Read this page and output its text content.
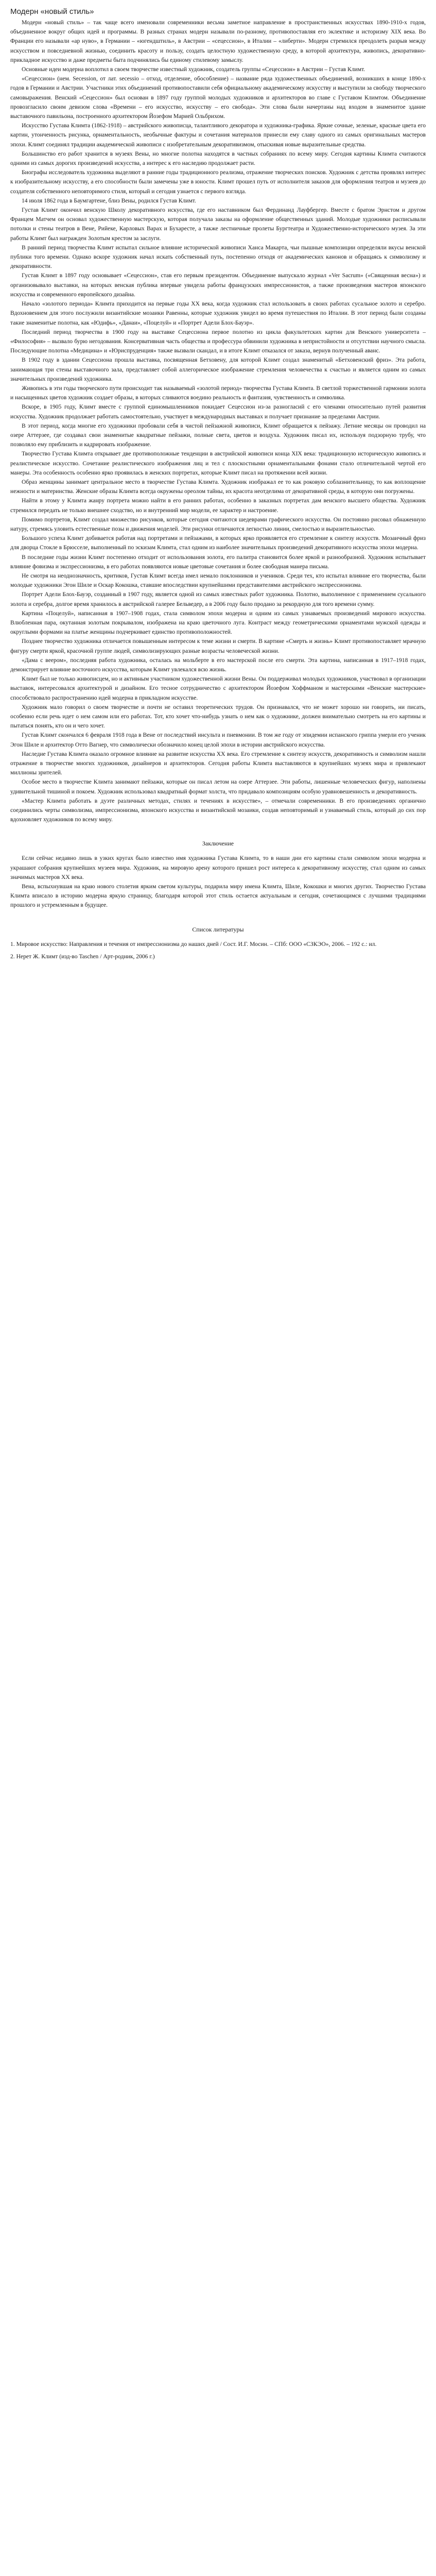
Модерн «новый стиль»

Модерн «новый стиль» – так чаще всего именовали современники весьма заметное направление в пространственных искусствах 1890-1910-х годов, объединенное вокруг общих идей и программы. В разных странах модерн называли по-разному, противопоставляя его эклектике и историзму XIX века. Во Франции его называли «ар нуво», в Германии – «югендштиль», в Австрии – «сецессион», в Италии – «либерти». Модерн стремился преодолеть разрыв между искусством и повседневной жизнью, соединить красоту и пользу, создать целостную художественную среду, в которой архитектура, живопись, декоративно-прикладное искусство и даже предметы быта подчинялись бы единому стилевому замыслу.

Основные идеи модерна воплотил в своем творчестве известный художник, создатель группы «Сецессион» в Австрии – Густав Климт.

«Сецессион» (нем. Secession, от лат. secessio – отход, отделение, обособление) – название ряда художественных объединений, возникших в конце 1890-х годов в Германии и Австрии. Участники этих объединений противопоставили себя официальному академическому искусству и выступили за свободу творческого самовыражения. Венский «Сецессион» был основан в 1897 году группой молодых художников и архитекторов во главе с Густавом Климтом. Объединение провозгласило своим девизом слова «Времени – его искусство, искусству – его свобода». Эти слова были начертаны над входом в знаменитое здание выставочного павильона, построенного архитектором Йозефом Марией Ольбрихом.

Искусство Густава Климта (1862-1918) – австрийского живописца, талантливого декоратора и художника-графика. Яркие сочные, зеленые, красные цвета его картин, утонченность рисунка, орнаментальность, необычные фактуры и сочетания материалов принесли ему славу одного из самых оригинальных мастеров эпохи. Климт соединял традиции академической живописи с изобретательным декоративизмом, отыскивая новые выразительные средства.

Большинство его работ хранится в музеях Вены, но многие полотна находятся в частных собраниях по всему миру. Сегодня картины Климта считаются одними из самых дорогих произведений искусства, а интерес к его наследию продолжает расти.

Биографы исследователь художника выделяют в ранние годы традиционного реализма, отражение творческих поисков. Художник с детства проявлял интерес к изобразительному искусству, а его способности были замечены уже в юности. Климт прошел путь от исполнителя заказов для оформления театров и музеев до создателя собственного неповторимого стиля, который и сегодня узнается с первого взгляда.

14 июля 1862 года в Баумгартене, близ Вены, родился Густав Климт.

Густав Климт окончил венскую Школу декоративного искусства, где его наставником был Фердинанд Лауфбергер. Вместе с братом Эрнстом и другом Францем Матчем он основал художественную мастерскую, которая получала заказы на оформление общественных зданий. Молодые художники расписывали потолки и стены театров в Вене, Рийеке, Карловых Варах и Бухаресте, а также лестничные пролеты Бургтеатра и Художественно-исторического музея. За эти работы Климт был награжден Золотым крестом за заслуги.

В ранний период творчества Климт испытал сильное влияние исторической живописи Ханса Макарта, чьи пышные композиции определяли вкусы венской публики того времени. Однако вскоре художник начал искать собственный путь, постепенно отходя от академических канонов и обращаясь к символизму и декоративности.

Густав Климт в 1897 году основывает «Сецессион», став его первым президентом. Объединение выпускало журнал «Ver Sacrum» («Священная весна») и организовывало выставки, на которых венская публика впервые увидела работы французских импрессионистов, а также произведения мастеров японского искусства и современного европейского дизайна.

Начало «золотого периода» Климта приходится на первые годы XX века, когда художник стал использовать в своих работах сусальное золото и серебро. Вдохновением для этого послужили византийские мозаики Равенны, которые художник увидел во время путешествия по Италии. В этот период были созданы такие знаменитые полотна, как «Юдифь», «Данаи», «Поцелуй» и «Портрет Адели Блох-Бауэр».

Последний период творчества в 1900 году на выставке Сецессиона первое полотно из цикла факультетских картин для Венского университета – «Философия» – вызвало бурю негодования. Консервативная часть общества и профессура обвинили художника в непристойности и отсутствии научного смысла. Последующие полотна «Медицина» и «Юриспруденция» также вызвали скандал, и в итоге Климт отказался от заказа, вернув полученный аванс.

В 1902 году в здании Сецессиона прошла выставка, посвященная Бетховену, для которой Климт создал знаменитый «Бетховенский фриз». Эта работа, занимающая три стены выставочного зала, представляет собой аллегорическое изображение стремления человечества к счастью и является одним из самых значительных произведений художника.

Живопись в эти годы творческого пути происходит так называемый «золотой период» творчества Густава Климта. В светлой торжественной гармонии золота и насыщенных цветов художник создает образы, в которых сливаются воедино реальность и фантазия, чувственность и символика.

Вскоре, в 1905 году, Климт вместе с группой единомышленников покидает Сецессион из-за разногласий с его членами относительно путей развития искусства. Художник продолжает работать самостоятельно, участвует в международных выставках и получает признание за пределами Австрии.

В этот период, когда многие его художники пробовали себя в чистой пейзажной живописи, Климт обращается к пейзажу. Летние месяцы он проводил на озере Аттерзее, где создавал свои знаменитые квадратные пейзажи, полные света, цветов и воздуха. Художник писал их, используя подзорную трубу, что позволяло ему приблизить и кадрировать изображение.

Творчество Густава Климта открывает две противоположные тенденции в австрийской живописи конца XIX века: традиционную историческую живопись и реалистическое искусство. Сочетание реалистического изображения лиц и тел с плоскостными орнаментальными фонами стало отличительной чертой его манеры. Эта особенность особенно ярко проявилась в женских портретах, которые Климт писал на протяжении всей жизни.

Образ женщины занимает центральное место в творчестве Густава Климта. Художник изображал ее то как роковую соблазнительницу, то как воплощение нежности и материнства. Женские образы Климта всегда окружены ореолом тайны, их красота неотделима от декоративной среды, в которую они погружены.

Найти в этому у Климта жанру портрета можно найти в его ранних работах, особенно в заказных портретах дам венского высшего общества. Художник стремился передать не только внешнее сходство, но и внутренний мир модели, ее характер и настроение.

Помимо портретов, Климт создал множество рисунков, которые сегодня считаются шедеврами графического искусства. Он постоянно рисовал обнаженную натуру, стремясь уловить естественные позы и движения моделей. Эти рисунки отличаются легкостью линии, смелостью и выразительностью.

Большого успеха Климт добивается работая над портретами и пейзажами, в которых ярко проявляется его стремление к синтезу искусств. Мозаичный фриз для дворца Стокле в Брюсселе, выполненный по эскизам Климта, стал одним из наиболее значительных произведений декоративного искусства эпохи модерна.

В последние годы жизни Климт постепенно отходит от использования золота, его палитра становится более яркой и разнообразной. Художник испытывает влияние фовизма и экспрессионизма, в его работах появляются новые цветовые сочетания и более свободная манера письма.

Не смотря на неоднозначность, критиков, Густав Климт всегда имел немало поклонников и учеников. Среди тех, кто испытал влияние его творчества, были молодые художники Эгон Шиле и Оскар Кокошка, ставшие впоследствии крупнейшими представителями австрийского экспрессионизма.

Портрет Адели Блох-Бауэр, созданный в 1907 году, является одной из самых известных работ художника. Полотно, выполненное с применением сусального золота и серебра, долгое время хранилось в австрийской галерее Бельведер, а в 2006 году было продано за рекордную для того времени сумму.

Картина «Поцелуй», написанная в 1907–1908 годах, стала символом эпохи модерна и одним из самых узнаваемых произведений мирового искусства. Влюбленная пара, окутанная золотым покрывалом, изображена на краю цветочного луга. Контраст между геометрическими орнаментами мужской одежды и округлыми формами на платье женщины подчеркивает единство противоположностей.

Позднее творчество художника отличается повышенным интересом к теме жизни и смерти. В картине «Смерть и жизнь» Климт противопоставляет мрачную фигуру смерти яркой, красочной группе людей, символизирующих разные возрасты человеческой жизни.

«Дама с веером», последняя работа художника, осталась на мольберте в его мастерской после его смерти. Эта картина, написанная в 1917–1918 годах, демонстрирует влияние восточного искусства, которым Климт увлекался всю жизнь.

Климт был не только живописцем, но и активным участником художественной жизни Вены. Он поддерживал молодых художников, участвовал в организации выставок, интересовался архитектурой и дизайном. Его тесное сотрудничество с архитектором Йозефом Хоффманом и мастерскими «Венские мастерские» способствовало распространению идей модерна в прикладном искусстве.

Художник мало говорил о своем творчестве и почти не оставил теоретических трудов. Он признавался, что не может хорошо ни говорить, ни писать, особенно если речь идет о нем самом или его работах. Тот, кто хочет что-нибудь узнать о нем как о художнике, должен внимательно смотреть на его картины и пытаться понять, кто он и чего хочет.

Густав Климт скончался 6 февраля 1918 года в Вене от последствий инсульта и пневмонии. В том же году от эпидемии испанского гриппа умерли его ученик Эгон Шиле и архитектор Отто Вагнер, что символически обозначило конец целой эпохи в истории австрийского искусства.

Наследие Густава Климта оказало огромное влияние на развитие искусства XX века. Его стремление к синтезу искусств, декоративность и символизм нашли отражение в творчестве многих художников, дизайнеров и архитекторов. Сегодня работы Климта выставляются в крупнейших музеях мира и привлекают миллионы зрителей.

Особое место в творчестве Климта занимают пейзажи, которые он писал летом на озере Аттерзее. Эти работы, лишенные человеческих фигур, наполнены удивительной тишиной и покоем. Художник использовал квадратный формат холста, что придавало композициям особую уравновешенность и декоративность.

«Мастер Климта работать в дуэте различных методах, стилях и течениях в искусстве», – отмечали современники. В его произведениях органично соединились черты символизма, импрессионизма, японского искусства и византийской мозаики, создав неповторимый и узнаваемый стиль, который до сих пор вдохновляет художников по всему миру.

Заключение

Если сейчас недавно лишь в узких кругах было известно имя художника Густава Климта, то в наши дни его картины стали символом эпохи модерна и украшают собрания крупнейших музеев мира. Художник, на мировую арену которого пришел рост интереса к декоративному искусству, стал одним из самых значимых мастеров XX века.

Вена, вспыхнувшая на краю нового столетия ярким светом культуры, подарила миру имена Климта, Шиле, Кокошки и многих других. Творчество Густава Климта вписало в историю модерна яркую страницу, благодаря которой этот стиль остается актуальным и сегодня, сочетающимся с лучшими традициями прошлого и устремленным в будущее.

Список литературы
1. Мировое искусство: Направления и течения от импрессионизма до наших дней / Сост. И.Г. Мосин. – СПб: ООО «СЗКЭО», 2006. – 192 с.: ил.
2. Нерет Ж. Климт (изд-во Taschen / Арт-родник, 2006 г.)
